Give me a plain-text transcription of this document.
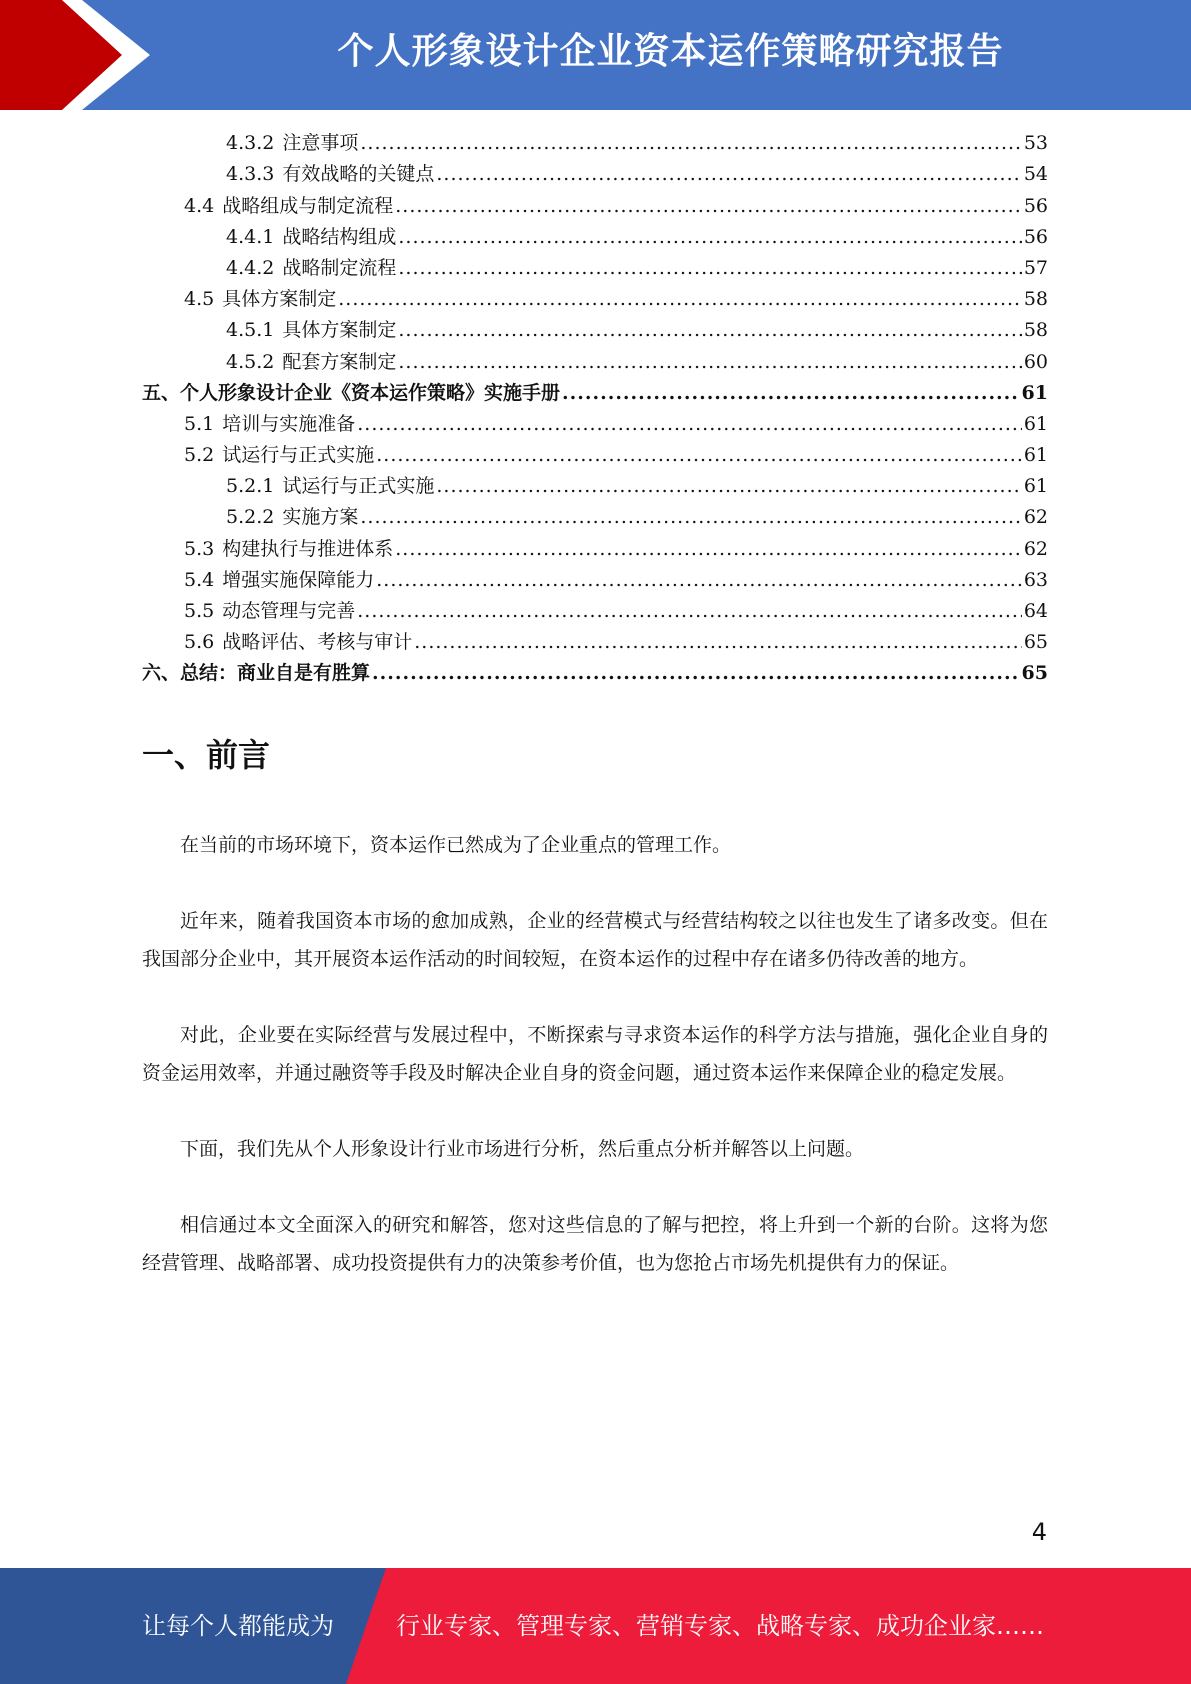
个人形象设计企业资本运作策略研究报告
4.3.2 注意事项 .....	53
4.3.3 有效战略的关键点 .....	54
4.4 战略组成与制定流程 .....	56
4.4.1 战略结构组成 .....	56
4.4.2 战略制定流程 .....	57
4.5 具体方案制定 .....	58
4.5.1 具体方案制定 .....	58
4.5.2 配套方案制定 .....	60
五、个人形象设计企业《资本运作策略》实施手册 .....	61
5.1 培训与实施准备 .....	61
5.2 试运行与正式实施 .....	61
5.2.1 试运行与正式实施 .....	61
5.2.2 实施方案 .....	62
5.3 构建执行与推进体系 .....	62
5.4 增强实施保障能力 .....	63
5.5 动态管理与完善 .....	64
5.6 战略评估、考核与审计 .....	65
六、总结：商业自是有胜算 .....	65
一、前言

在当前的市场环境下，资本运作已然成为了企业重点的管理工作。

近年来，随着我国资本市场的愈加成熟，企业的经营模式与经营结构较之以往也发生了诸多改变。但在我国部分企业中，其开展资本运作活动的时间较短，在资本运作的过程中存在诸多仍待改善的地方。

对此，企业要在实际经营与发展过程中，不断探索与寻求资本运作的科学方法与措施，强化企业自身的资金运用效率，并通过融资等手段及时解决企业自身的资金问题，通过资本运作来保障企业的稳定发展。

下面，我们先从个人形象设计行业市场进行分析，然后重点分析并解答以上问题。

相信通过本文全面深入的研究和解答，您对这些信息的了解与把控，将上升到一个新的台阶。这将为您经营管理、战略部署、成功投资提供有力的决策参考价值，也为您抢占市场先机提供有力的保证。

4
让每个人都能成为	行业专家、管理专家、营销专家、战略专家、成功企业家……
